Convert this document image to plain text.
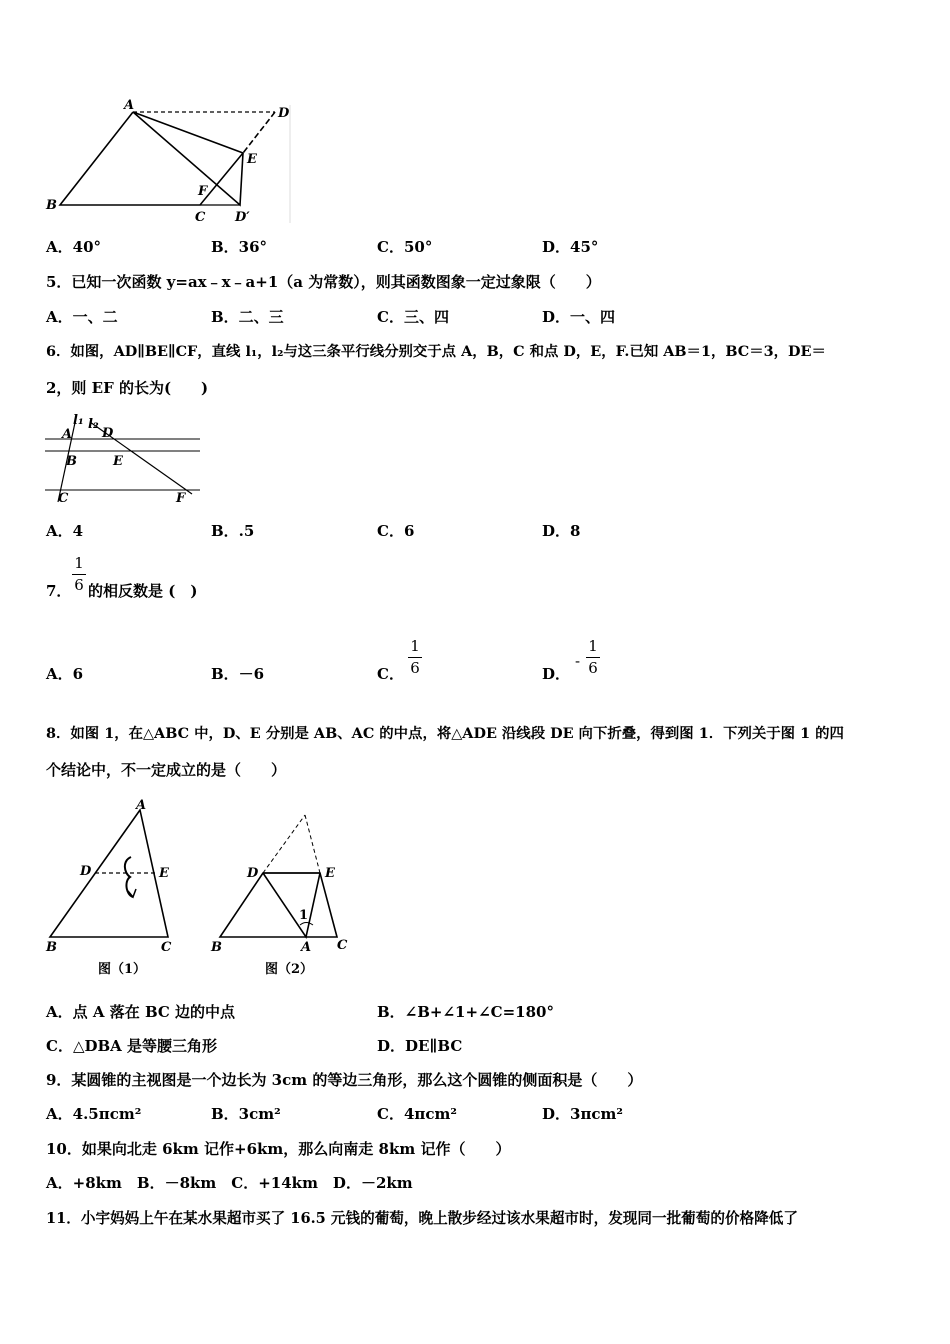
A
D
E
F
B
C D′
A．40°	B．36°	C．50°	D．45°
5．已知一次函数 y=ax﹣x﹣a+1（a 为常数），则其函数图象一定过象限（　　）
A．一、二	B．二、三	C．三、四	D．一、四
6．如图，AD∥BE∥CF，直线 l₁，l₂与这三条平行线分别交于点 A，B，C 和点 D，E，F.已知 AB＝1，BC＝3，DE＝
2，则 EF 的长为(　　)
l₁ l₂
A D
B	E
C	F
A．4	B．.5	C．6	D．8
7．
1
6 的相反数是 (　)
A．6	B．－6	C．
1
6	D．
-
1
6
8．如图 1，在△ABC 中，D、E 分别是 AB、AC 的中点，将△ADE 沿线段 DE 向下折叠，得到图 1．下列关于图 1 的四
个结论中，不一定成立的是（　　）
A
D	E
B	C
图（1）
D	E
1
B	A C
图（2）
A．点 A 落在 BC 边的中点	B．∠B+∠1+∠C=180°
C．△DBA 是等腰三角形	D．DE∥BC
9．某圆锥的主视图是一个边长为 3cm 的等边三角形，那么这个圆锥的侧面积是（　　）
A．4.5πcm²	B．3cm²	C．4πcm²	D．3πcm²
10．如果向北走 6km 记作+6km，那么向南走 8km 记作（　　）
A．+8km　B．－8km　C．+14km　D．－2km
11．小宇妈妈上午在某水果超市买了 16.5 元钱的葡萄，晚上散步经过该水果超市时，发现同一批葡萄的价格降低了
